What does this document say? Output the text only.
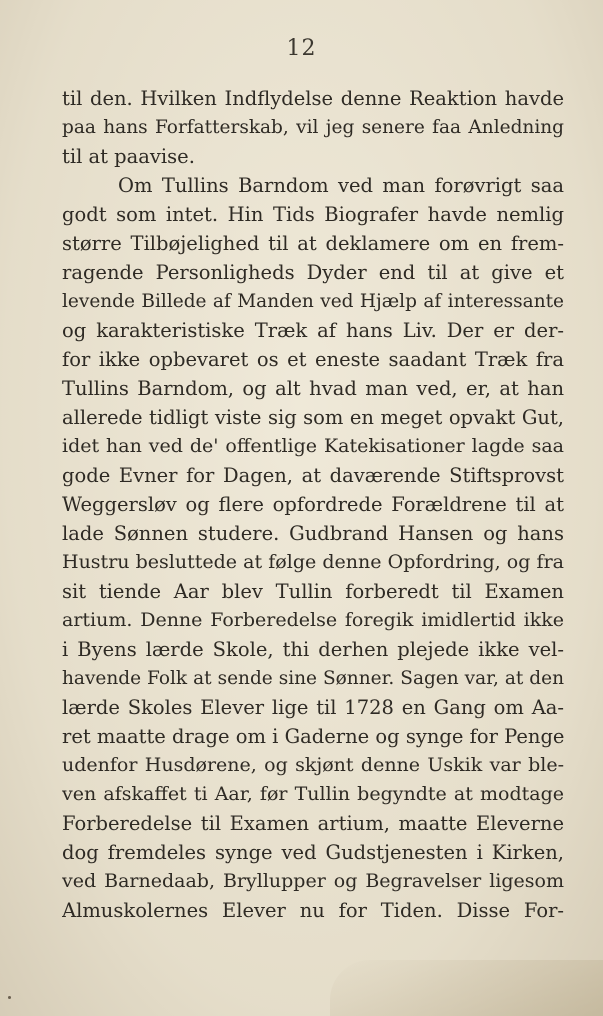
12
til den. Hvilken Indflydelse denne Reaktion havde
paa hans Forfatterskab, vil jeg senere faa Anledning
til at paavise.
Om Tullins Barndom ved man forøvrigt saa
godt som intet. Hin Tids Biografer havde nemlig
større Tilbøjelighed til at deklamere om en frem-
ragende Personligheds Dyder end til at give et
levende Billede af Manden ved Hjælp af interessante
og karakteristiske Træk af hans Liv. Der er der-
for ikke opbevaret os et eneste saadant Træk fra
Tullins Barndom, og alt hvad man ved, er, at han
allerede tidligt viste sig som en meget opvakt Gut,
idet han ved de' offentlige Katekisationer lagde saa
gode Evner for Dagen, at daværende Stiftsprovst
Weggersløv og flere opfordrede Forældrene til at
lade Sønnen studere. Gudbrand Hansen og hans
Hustru besluttede at følge denne Opfordring, og fra
sit tiende Aar blev Tullin forberedt til Examen
artium. Denne Forberedelse foregik imidlertid ikke
i Byens lærde Skole, thi derhen plejede ikke vel-
havende Folk at sende sine Sønner. Sagen var, at den
lærde Skoles Elever lige til 1728 en Gang om Aa-
ret maatte drage om i Gaderne og synge for Penge
udenfor Husdørene, og skjønt denne Uskik var ble-
ven afskaffet ti Aar, før Tullin begyndte at modtage
Forberedelse til Examen artium, maatte Eleverne
dog fremdeles synge ved Gudstjenesten i Kirken,
ved Barnedaab, Bryllupper og Begravelser ligesom
Almuskolernes Elever nu for Tiden. Disse For-
